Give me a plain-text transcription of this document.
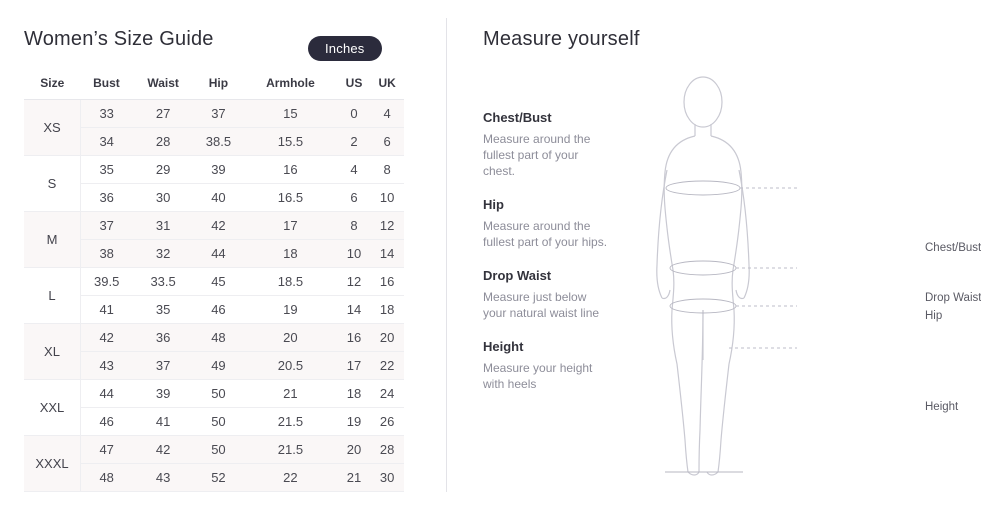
Women’s Size Guide	Inches
Size	Bust	Waist	Hip	Armhole	US	UK
XS	33	27	37	15	0	4
	34	28	38.5	15.5	2	6
S	35	29	39	16	4	8
	36	30	40	16.5	6	10
M	37	31	42	17	8	12
	38	32	44	18	10	14
L	39.5	33.5	45	18.5	12	16
	41	35	46	19	14	18
XL	42	36	48	20	16	20
	43	37	49	20.5	17	22
XXL	44	39	50	21	18	24
	46	41	50	21.5	19	26
XXXL	47	42	50	21.5	20	28
	48	43	52	22	21	30
Measure yourself

Chest/Bust

Measure around the fullest part of your chest.

Hip

Measure around the fullest part of your hips.

Drop Waist

Measure just below your natural waist line

Height

Measure your height with heels

Chest/Bust
Drop Waist
Hip
Height
